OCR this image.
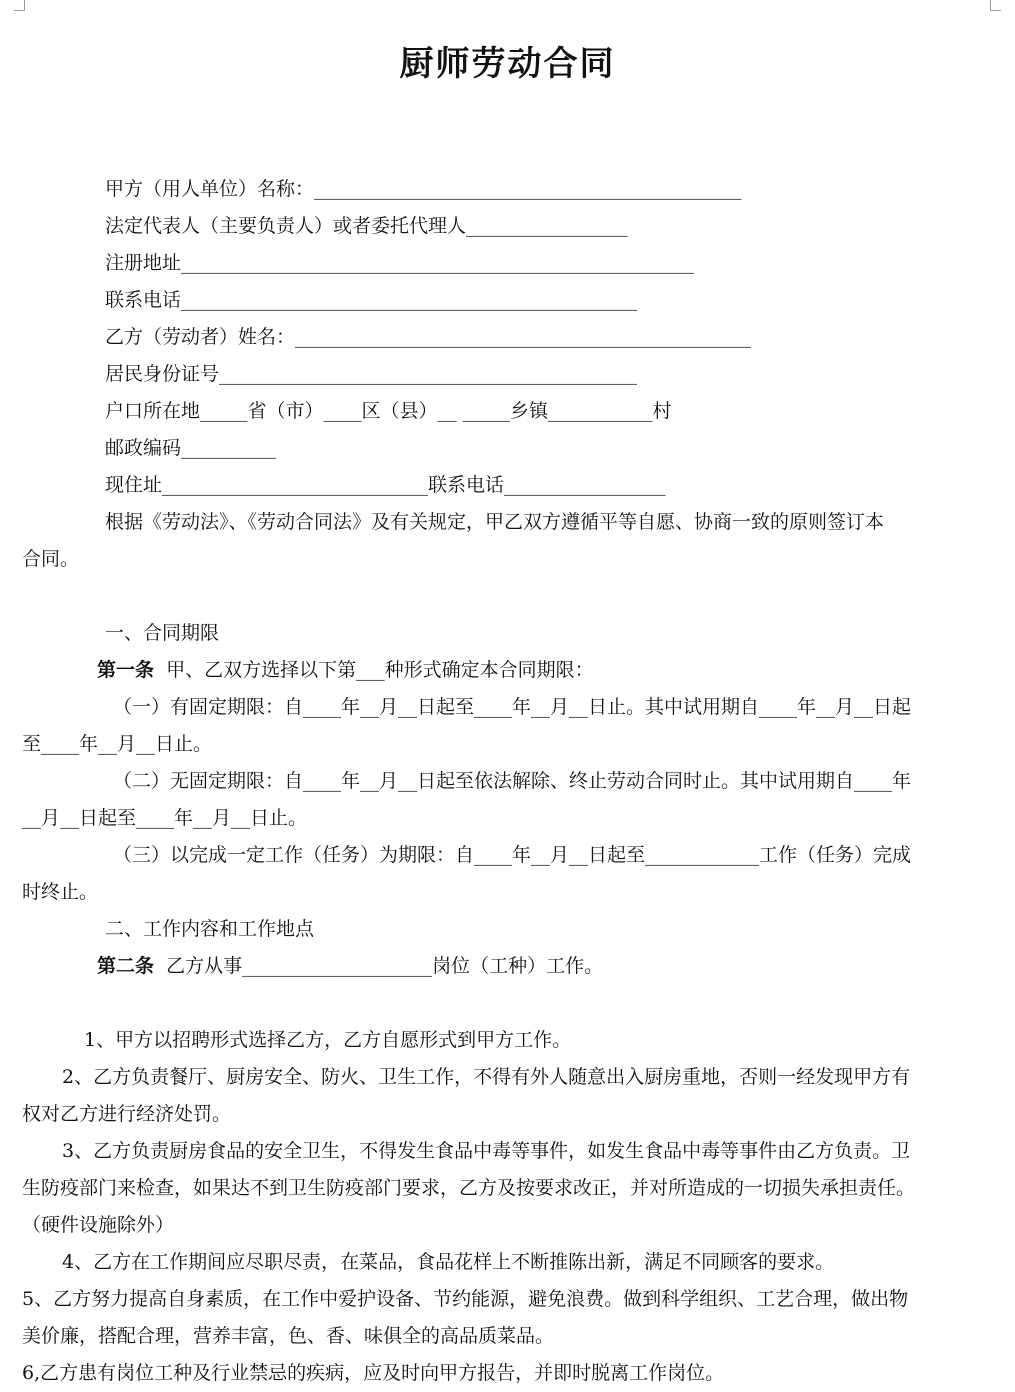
厨师劳动合同
甲方（用人单位）名称：_____________________________________________
法定代表人（主要负责人）或者委托代理人_________________
注册地址______________________________________________________
联系电话________________________________________________
乙方（劳动者）姓名：________________________________________________
居民身份证号____________________________________________
户口所在地_____省（市）____区（县）__ _____乡镇___________村
邮政编码__________
现住址____________________________联系电话_________________
根据《劳动法》、《劳动合同法》及有关规定，甲乙双方遵循平等自愿、协商一致的原则签订本
合同。
一、合同期限
第一条 甲、乙双方选择以下第___种形式确定本合同期限：
（一）有固定期限：自____年__月__日起至____年__月__日止。其中试用期自____年__月__日起
至____年__月__日止。
（二）无固定期限：自____年__月__日起至依法解除、终止劳动合同时止。其中试用期自____年
__月__日起至____年__月__日止。
（三）以完成一定工作（任务）为期限：自____年__月__日起至____________工作（任务）完成
时终止。
二、工作内容和工作地点
第二条 乙方从事____________________岗位（工种）工作。
1、甲方以招聘形式选择乙方，乙方自愿形式到甲方工作。
2、乙方负责餐厅、厨房安全、防火、卫生工作，不得有外人随意出入厨房重地，否则一经发现甲方有
权对乙方进行经济处罚。
3、乙方负责厨房食品的安全卫生，不得发生食品中毒等事件，如发生食品中毒等事件由乙方负责。卫
生防疫部门来检查，如果达不到卫生防疫部门要求，乙方及按要求改正，并对所造成的一切损失承担责任。
（硬件设施除外）
4、乙方在工作期间应尽职尽责，在菜品，食品花样上不断推陈出新，满足不同顾客的要求。
5、乙方努力提高自身素质，在工作中爱护设备、节约能源，避免浪费。做到科学组织、工艺合理，做出物
美价廉，搭配合理，营养丰富，色、香、味俱全的高品质菜品。
6,乙方患有岗位工种及行业禁忌的疾病，应及时向甲方报告，并即时脱离工作岗位。
